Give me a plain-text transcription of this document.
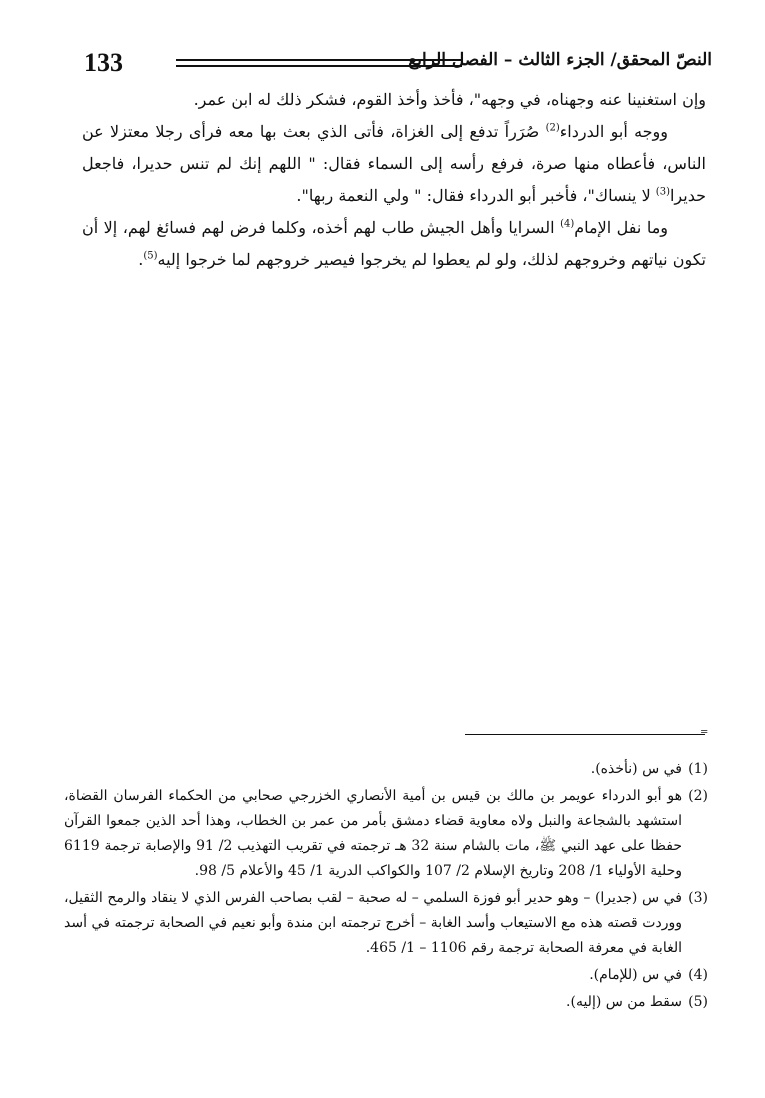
133	النصّ المحقق/ الجزء الثالث – الفصل الرابع

وإن استغنينا عنه وجهناه، في وجهه"، فأخذ وأخذ القوم، فشكر ذلك له ابن عمر.

ووجه أبو الدرداء$^{(2)}$ صُرَراً تدفع إلى الغزاة، فأتى الذي بعث بها معه فرأى رجلا معتزلا عن الناس، فأعطاه منها صرة، فرفع رأسه إلى السماء فقال: " اللهم إنك لم تنس حديرا، فاجعل حديرا$^{(3)}$ لا ينساك"، فأخبر أبو الدرداء فقال: " ولي النعمة ربها".

وما نفل الإمام$^{(4)}$ السرايا وأهل الجيش طاب لهم أخذه، وكلما فرض لهم فسائغ لهم، إلا أن تكون نياتهم وخروجهم لذلك، ولو لم يعطوا لم يخرجوا فيصير خروجهم لما خرجوا إليه$^{(5)}$.

=
(1)
في س (نأخذه).
(2)
هو أبو الدرداء عويمر بن مالك بن قيس بن أمية الأنصاري الخزرجي صحابي من الحكماء الفرسان القضاة، استشهد بالشجاعة والنبل ولاه معاوية قضاء دمشق بأمر من عمر بن الخطاب، وهذا أحد الذين جمعوا القرآن حفظا على عهد النبي ﷺ، مات بالشام سنة 32 هـ ترجمته في تقريب التهذيب 2/ 91 والإصابة ترجمة 6119 وحلية الأولياء 1/ 208 وتاريخ الإسلام 2/ 107 والكواكب الدرية 1/ 45 والأعلام 5/ 98.
(3)
في س (جديرا) – وهو حدير أبو فوزة السلمي – له صحبة – لقب بصاحب الفرس الذي لا ينقاد والرمح الثقيل، ووردت قصته هذه مع الاستيعاب وأسد الغابة – أخرج ترجمته ابن مندة وأبو نعيم في الصحابة ترجمته في أسد الغابة في معرفة الصحابة ترجمة رقم 1106 – 1/ 465.
(4)
في س (للإمام).
(5)
سقط من س (إليه).
